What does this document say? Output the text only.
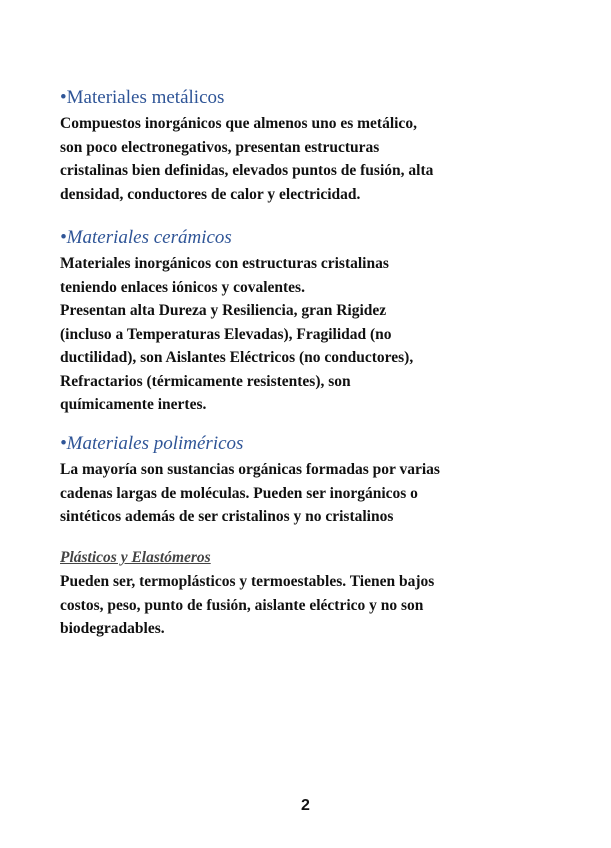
•Materiales metálicos

Compuestos inorgánicos que almenos uno es metálico,
son poco electronegativos, presentan estructuras
cristalinas bien definidas, elevados puntos de fusión, alta
densidad, conductores de calor y electricidad.

•Materiales cerámicos

Materiales inorgánicos con estructuras cristalinas
teniendo enlaces iónicos y covalentes.
Presentan alta Dureza y Resiliencia, gran Rigidez
(incluso a Temperaturas Elevadas), Fragilidad (no
ductilidad), son Aislantes Eléctricos (no conductores),
Refractarios (térmicamente resistentes), son
químicamente inertes.

•Materiales poliméricos

La mayoría son sustancias orgánicas formadas por varias
cadenas largas de moléculas. Pueden ser inorgánicos o
sintéticos además de ser cristalinos y no cristalinos

Plásticos y Elastómeros

Pueden ser, termoplásticos y termoestables. Tienen bajos
costos, peso, punto de fusión, aislante eléctrico y no son
biodegradables.

2
